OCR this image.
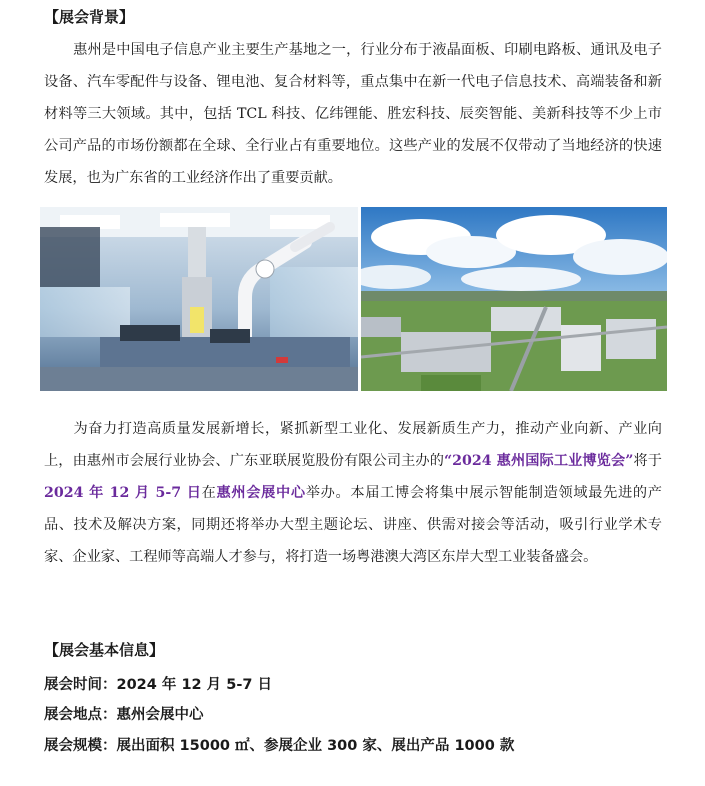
【展会背景】

惠州是中国电子信息产业主要生产基地之一，行业分布于液晶面板、印刷电路板、通讯及电子设备、汽车零配件与设备、锂电池、复合材料等，重点集中在新一代电子信息技术、高端装备和新材料等三大领域。其中，包括 TCL 科技、亿纬锂能、胜宏科技、辰奕智能、美新科技等不少上市公司产品的市场份额都在全球、全行业占有重要地位。这些产业的发展不仅带动了当地经济的快速发展，也为广东省的工业经济作出了重要贡献。

为奋力打造高质量发展新增长，紧抓新型工业化、发展新质生产力，推动产业向新、产业向上，由惠州市会展行业协会、广东亚联展览股份有限公司主办的“2024 惠州国际工业博览会”将于2024 年 12 月 5-7 日在惠州会展中心举办。本届工博会将集中展示智能制造领域最先进的产品、技术及解决方案，同期还将举办大型主题论坛、讲座、供需对接会等活动，吸引行业学术专家、企业家、工程师等高端人才参与，将打造一场粤港澳大湾区东岸大型工业装备盛会。

【展会基本信息】
展会时间：2024 年 12 月 5-7 日
展会地点：惠州会展中心
展会规模：展出面积 15000 ㎡、参展企业 300 家、展出产品 1000 款
